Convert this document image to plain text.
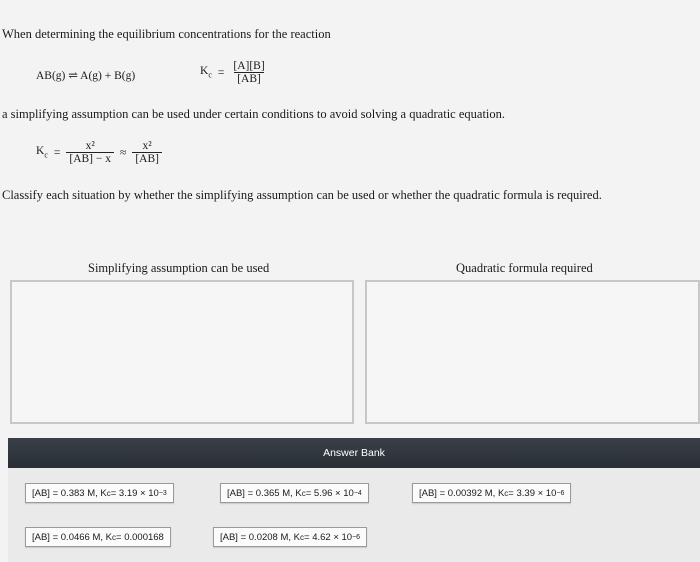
When determining the equilibrium concentrations for the reaction
AB(g) ⇌ A(g) + B(g)	$K_c = \frac{[A][B]}{[AB]}$
a simplifying assumption can be used under certain conditions to avoid solving a quadratic equation.
$K_c = \frac{\text{x²}}{[AB] - x} \approx \frac{\text{x²}}{[AB]}$
Classify each situation by whether the simplifying assumption can be used or whether the quadratic formula is required.
Simplifying assumption can be used	Quadratic formula required
Answer Bank
[AB] = 0.383 M, K c = 3.19 × 10 −3	[AB] = 0.365 M, K c = 5.96 × 10 −4	[AB] = 0.00392 M, K c = 3.39 × 10 −6
[AB] = 0.0466 M, K c = 0.000168	[AB] = 0.0208 M, K c = 4.62 × 10 −6
